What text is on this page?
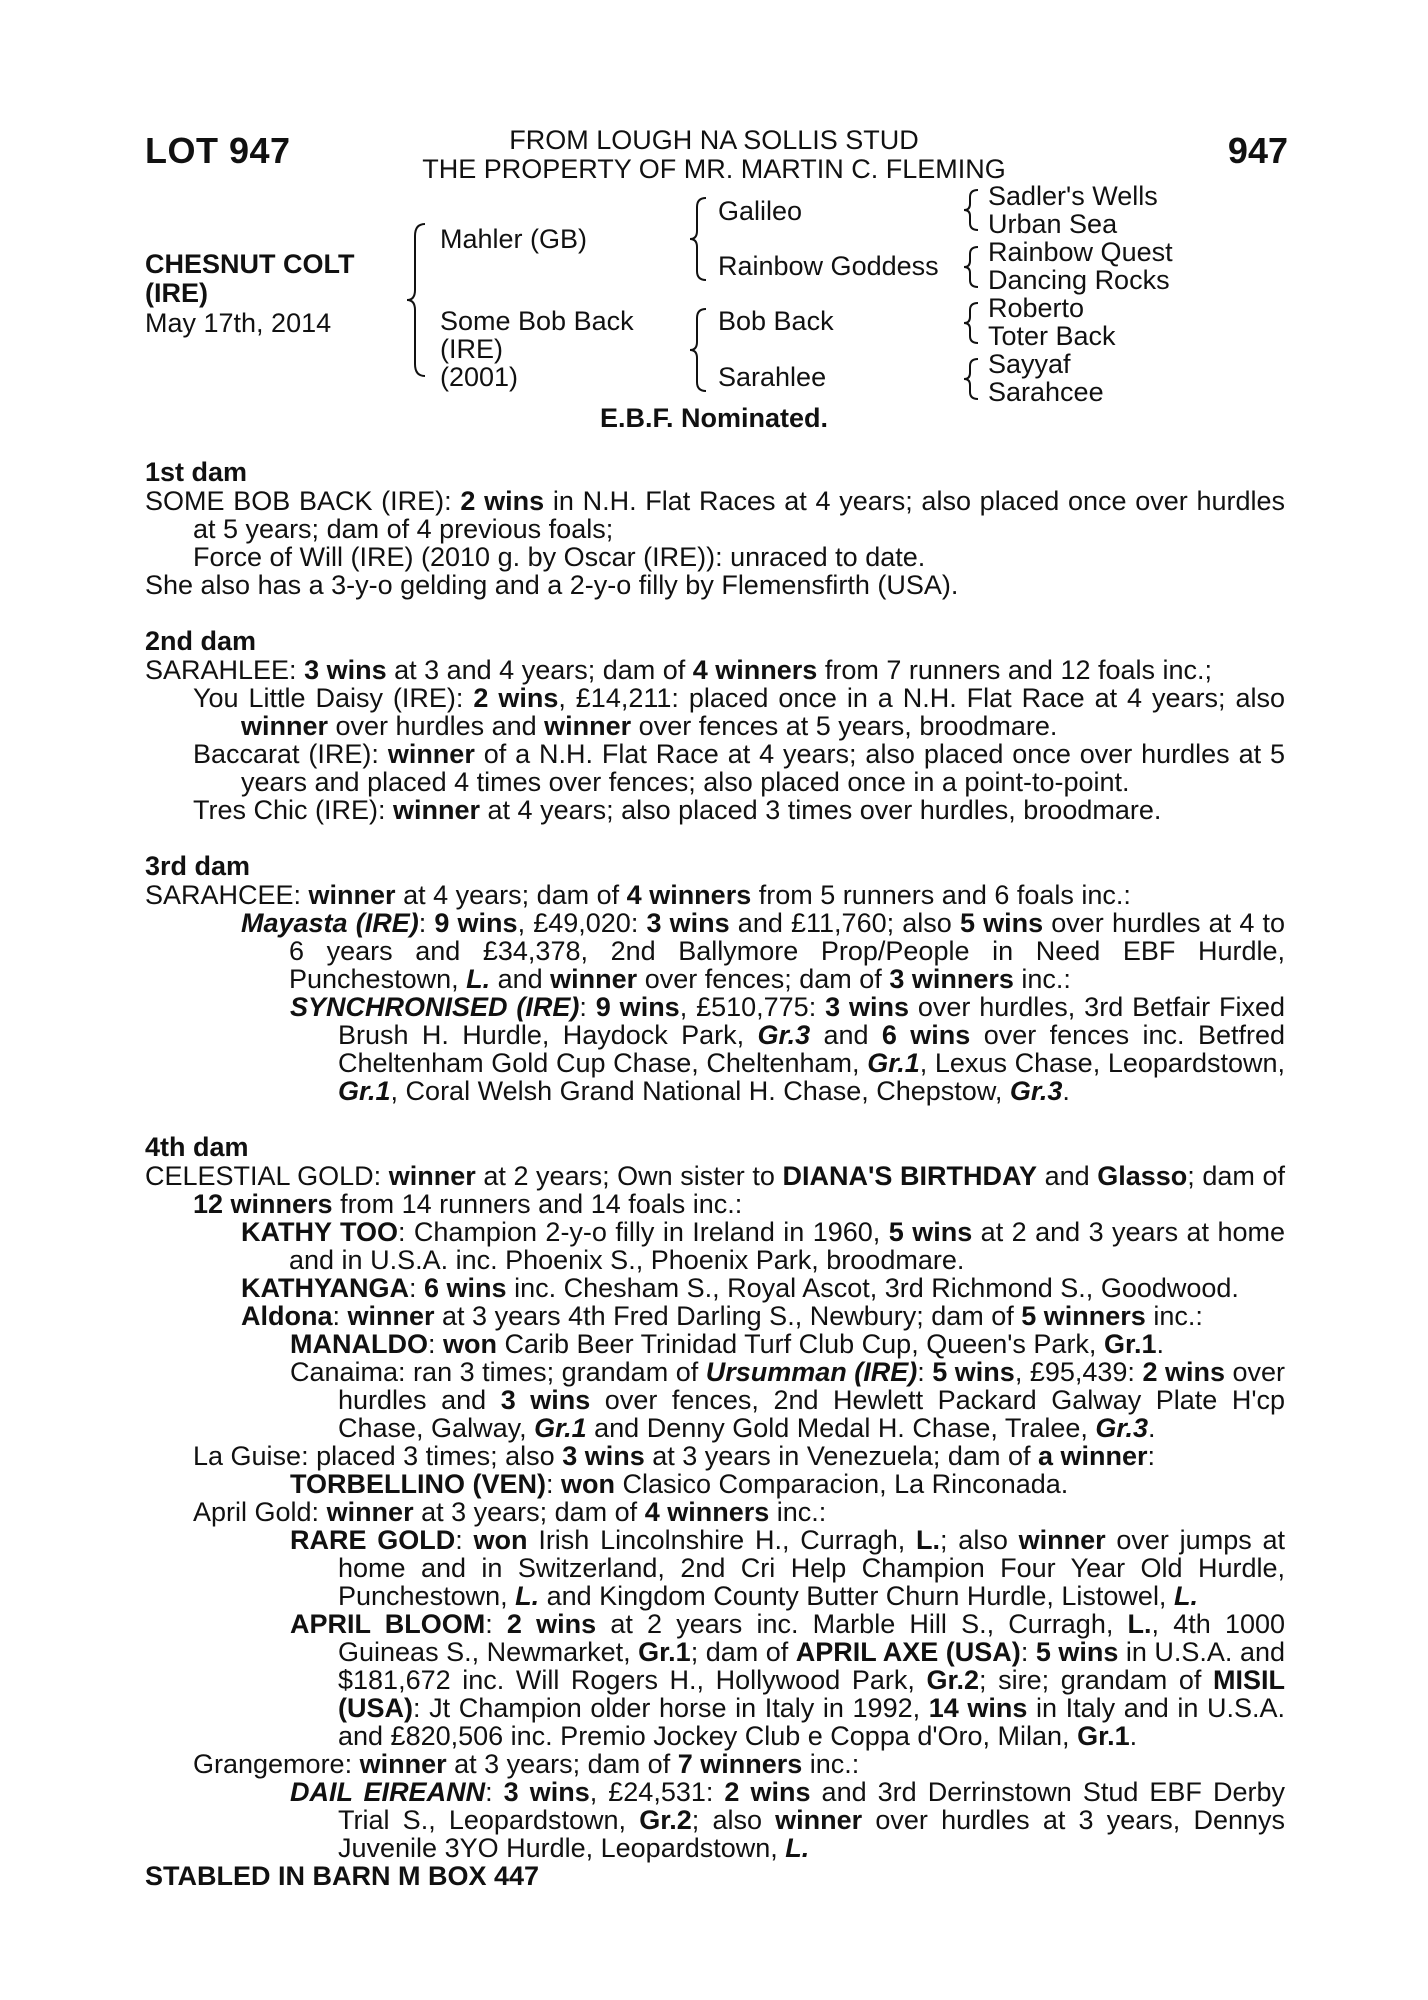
LOT 947	FROM LOUGH NA SOLLIS STUD
THE PROPERTY OF MR. MARTIN C. FLEMING	947
CHESNUT COLT
(IRE)
May 17th, 2014
Mahler (GB)
Some Bob Back
(IRE)
(2001)
Galileo
Rainbow Goddess
Bob Back
Sarahlee
Sadler's Wells
Urban Sea
Rainbow Quest
Dancing Rocks
Roberto
Toter Back
Sayyaf
Sarahcee
E.B.F. Nominated.
1st dam

SOME BOB BACK (IRE): 2 wins in N.H. Flat Races at 4 years; also placed once over hurdles at 5 years; dam of 4 previous foals;

Force of Will (IRE) (2010 g. by Oscar (IRE)): unraced to date.

She also has a 3-y-o gelding and a 2-y-o filly by Flemensfirth (USA).

2nd dam

SARAHLEE: 3 wins at 3 and 4 years; dam of 4 winners from 7 runners and 12 foals inc.;

You Little Daisy (IRE): 2 wins, £14,211: placed once in a N.H. Flat Race at 4 years; also winner over hurdles and winner over fences at 5 years, broodmare.

Baccarat (IRE): winner of a N.H. Flat Race at 4 years; also placed once over hurdles at 5 years and placed 4 times over fences; also placed once in a point-to-point.

Tres Chic (IRE): winner at 4 years; also placed 3 times over hurdles, broodmare.

3rd dam

SARAHCEE: winner at 4 years; dam of 4 winners from 5 runners and 6 foals inc.:

Mayasta (IRE): 9 wins, £49,020: 3 wins and £11,760; also 5 wins over hurdles at 4 to 6 years and £34,378, 2nd Ballymore Prop/People in Need EBF Hurdle, Punchestown, L. and winner over fences; dam of 3 winners inc.:

SYNCHRONISED (IRE): 9 wins, £510,775: 3 wins over hurdles, 3rd Betfair Fixed Brush H. Hurdle, Haydock Park, Gr.3 and 6 wins over fences inc. Betfred Cheltenham Gold Cup Chase, Cheltenham, Gr.1, Lexus Chase, Leopardstown, Gr.1, Coral Welsh Grand National H. Chase, Chepstow, Gr.3.

4th dam

CELESTIAL GOLD: winner at 2 years; Own sister to DIANA'S BIRTHDAY and Glasso; dam of 12 winners from 14 runners and 14 foals inc.:

KATHY TOO: Champion 2-y-o filly in Ireland in 1960, 5 wins at 2 and 3 years at home and in U.S.A. inc. Phoenix S., Phoenix Park, broodmare.

KATHYANGA: 6 wins inc. Chesham S., Royal Ascot, 3rd Richmond S., Goodwood.

Aldona: winner at 3 years 4th Fred Darling S., Newbury; dam of 5 winners inc.:

MANALDO: won Carib Beer Trinidad Turf Club Cup, Queen's Park, Gr.1.

Canaima: ran 3 times; grandam of Ursumman (IRE): 5 wins, £95,439: 2 wins over hurdles and 3 wins over fences, 2nd Hewlett Packard Galway Plate H'cp Chase, Galway, Gr.1 and Denny Gold Medal H. Chase, Tralee, Gr.3.

La Guise: placed 3 times; also 3 wins at 3 years in Venezuela; dam of a winner:

TORBELLINO (VEN): won Clasico Comparacion, La Rinconada.

April Gold: winner at 3 years; dam of 4 winners inc.:

RARE GOLD: won Irish Lincolnshire H., Curragh, L.; also winner over jumps at home and in Switzerland, 2nd Cri Help Champion Four Year Old Hurdle, Punchestown, L. and Kingdom County Butter Churn Hurdle, Listowel, L.

APRIL BLOOM: 2 wins at 2 years inc. Marble Hill S., Curragh, L., 4th 1000 Guineas S., Newmarket, Gr.1; dam of APRIL AXE (USA): 5 wins in U.S.A. and $181,672 inc. Will Rogers H., Hollywood Park, Gr.2; sire; grandam of MISIL (USA): Jt Champion older horse in Italy in 1992, 14 wins in Italy and in U.S.A. and £820,506 inc. Premio Jockey Club e Coppa d'Oro, Milan, Gr.1.

Grangemore: winner at 3 years; dam of 7 winners inc.:

DAIL EIREANN: 3 wins, £24,531: 2 wins and 3rd Derrinstown Stud EBF Derby Trial S., Leopardstown, Gr.2; also winner over hurdles at 3 years, Dennys Juvenile 3YO Hurdle, Leopardstown, L.

STABLED IN BARN M BOX 447
